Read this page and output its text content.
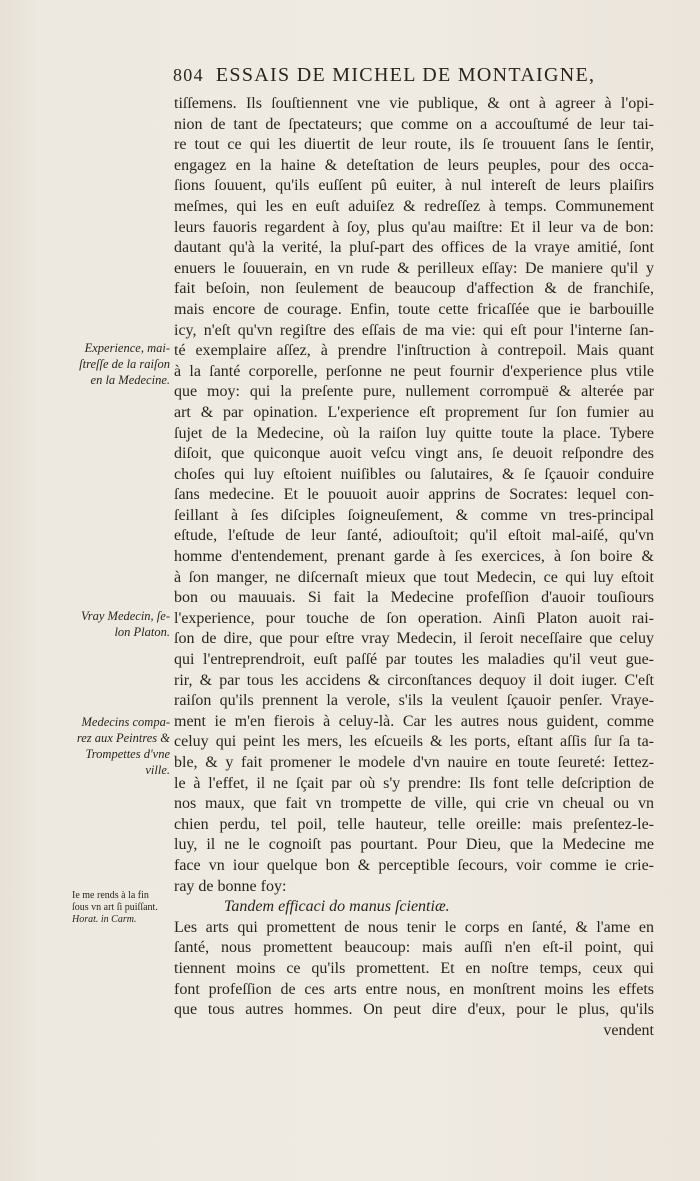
804 ESSAIS DE MICHEL DE MONTAIGNE,
tiſſemens. Ils ſouſtiennent vne vie publique, & ont à agreer à l'opi-
nion de tant de ſpectateurs; que comme on a accouſtumé de leur tai-
re tout ce qui les diuertit de leur route, ils ſe trouuent ſans le ſentir,
engagez en la haine & deteſtation de leurs peuples, pour des occa-
ſions ſouuent, qu'ils euſſent pû euiter, à nul intereſt de leurs plaiſirs
meſmes, qui les en euſt aduiſez & redreſſez à temps. Communement
leurs fauoris regardent à ſoy, plus qu'au maiſtre: Et il leur va de bon:
dautant qu'à la verité, la pluſ-part des offices de la vraye amitié, ſont
enuers le ſouuerain, en vn rude & perilleux eſſay: De maniere qu'il y
fait beſoin, non ſeulement de beaucoup d'affection & de franchiſe,
mais encore de courage. Enfin, toute cette fricaſſée que ie barbouille
icy, n'eſt qu'vn regiſtre des eſſais de ma vie: qui eſt pour l'interne ſan-
té exemplaire aſſez, à prendre l'inſtruction à contrepoil. Mais quant
à la ſanté corporelle, perſonne ne peut fournir d'experience plus vtile
que moy: qui la preſente pure, nullement corrompuë & alterée par
art & par opination. L'experience eſt proprement ſur ſon fumier au
ſujet de la Medecine, où la raiſon luy quitte toute la place. Tybere
diſoit, que quiconque auoit veſcu vingt ans, ſe deuoit reſpondre des
choſes qui luy eſtoient nuiſibles ou ſalutaires, & ſe ſçauoir conduire
ſans medecine. Et le pouuoit auoir apprins de Socrates: lequel con-
ſeillant à ſes diſciples ſoigneuſement, & comme vn tres-principal
eſtude, l'eſtude de leur ſanté, adiouſtoit; qu'il eſtoit mal-aiſé, qu'vn
homme d'entendement, prenant garde à ſes exercices, à ſon boire &
à ſon manger, ne diſcernaſt mieux que tout Medecin, ce qui luy eſtoit
bon ou mauuais. Si fait la Medecine profeſſion d'auoir touſiours
l'experience, pour touche de ſon operation. Ainſi Platon auoit rai-
ſon de dire, que pour eſtre vray Medecin, il ſeroit neceſſaire que celuy
qui l'entreprendroit, euſt paſſé par toutes les maladies qu'il veut gue-
rir, & par tous les accidens & circonſtances dequoy il doit iuger. C'eſt
raiſon qu'ils prennent la verole, s'ils la veulent ſçauoir penſer. Vraye-
ment ie m'en fierois à celuy-là. Car les autres nous guident, comme
celuy qui peint les mers, les eſcueils & les ports, eſtant aſſis ſur ſa ta-
ble, & y fait promener le modele d'vn nauire en toute ſeureté: Iettez-
le à l'effet, il ne ſçait par où s'y prendre: Ils font telle deſcription de
nos maux, que fait vn trompette de ville, qui crie vn cheual ou vn
chien perdu, tel poil, telle hauteur, telle oreille: mais preſentez-le-
luy, il ne le cognoiſt pas pourtant. Pour Dieu, que la Medecine me
face vn iour quelque bon & perceptible ſecours, voir comme ie crie-
ray de bonne foy:
Tandem efficaci do manus ſcientiæ.
Les arts qui promettent de nous tenir le corps en ſanté, & l'ame en
ſanté, nous promettent beaucoup: mais auſſi n'en eſt-il point, qui
tiennent moins ce qu'ils promettent. Et en noſtre temps, ceux qui
font profeſſion de ces arts entre nous, en monſtrent moins les effets
que tous autres hommes. On peut dire d'eux, pour le plus, qu'ils
vendent
Experience, mai-
ſtreſſe de la raiſon
en la Medecine.
Vray Medecin, ſe-
lon Platon.
Medecins compa-
rez aux Peintres &
Trompettes d'vne
ville.
Ie me rends à la fin
ſous vn art ſi puiſſant.
Horat. in Carm.
